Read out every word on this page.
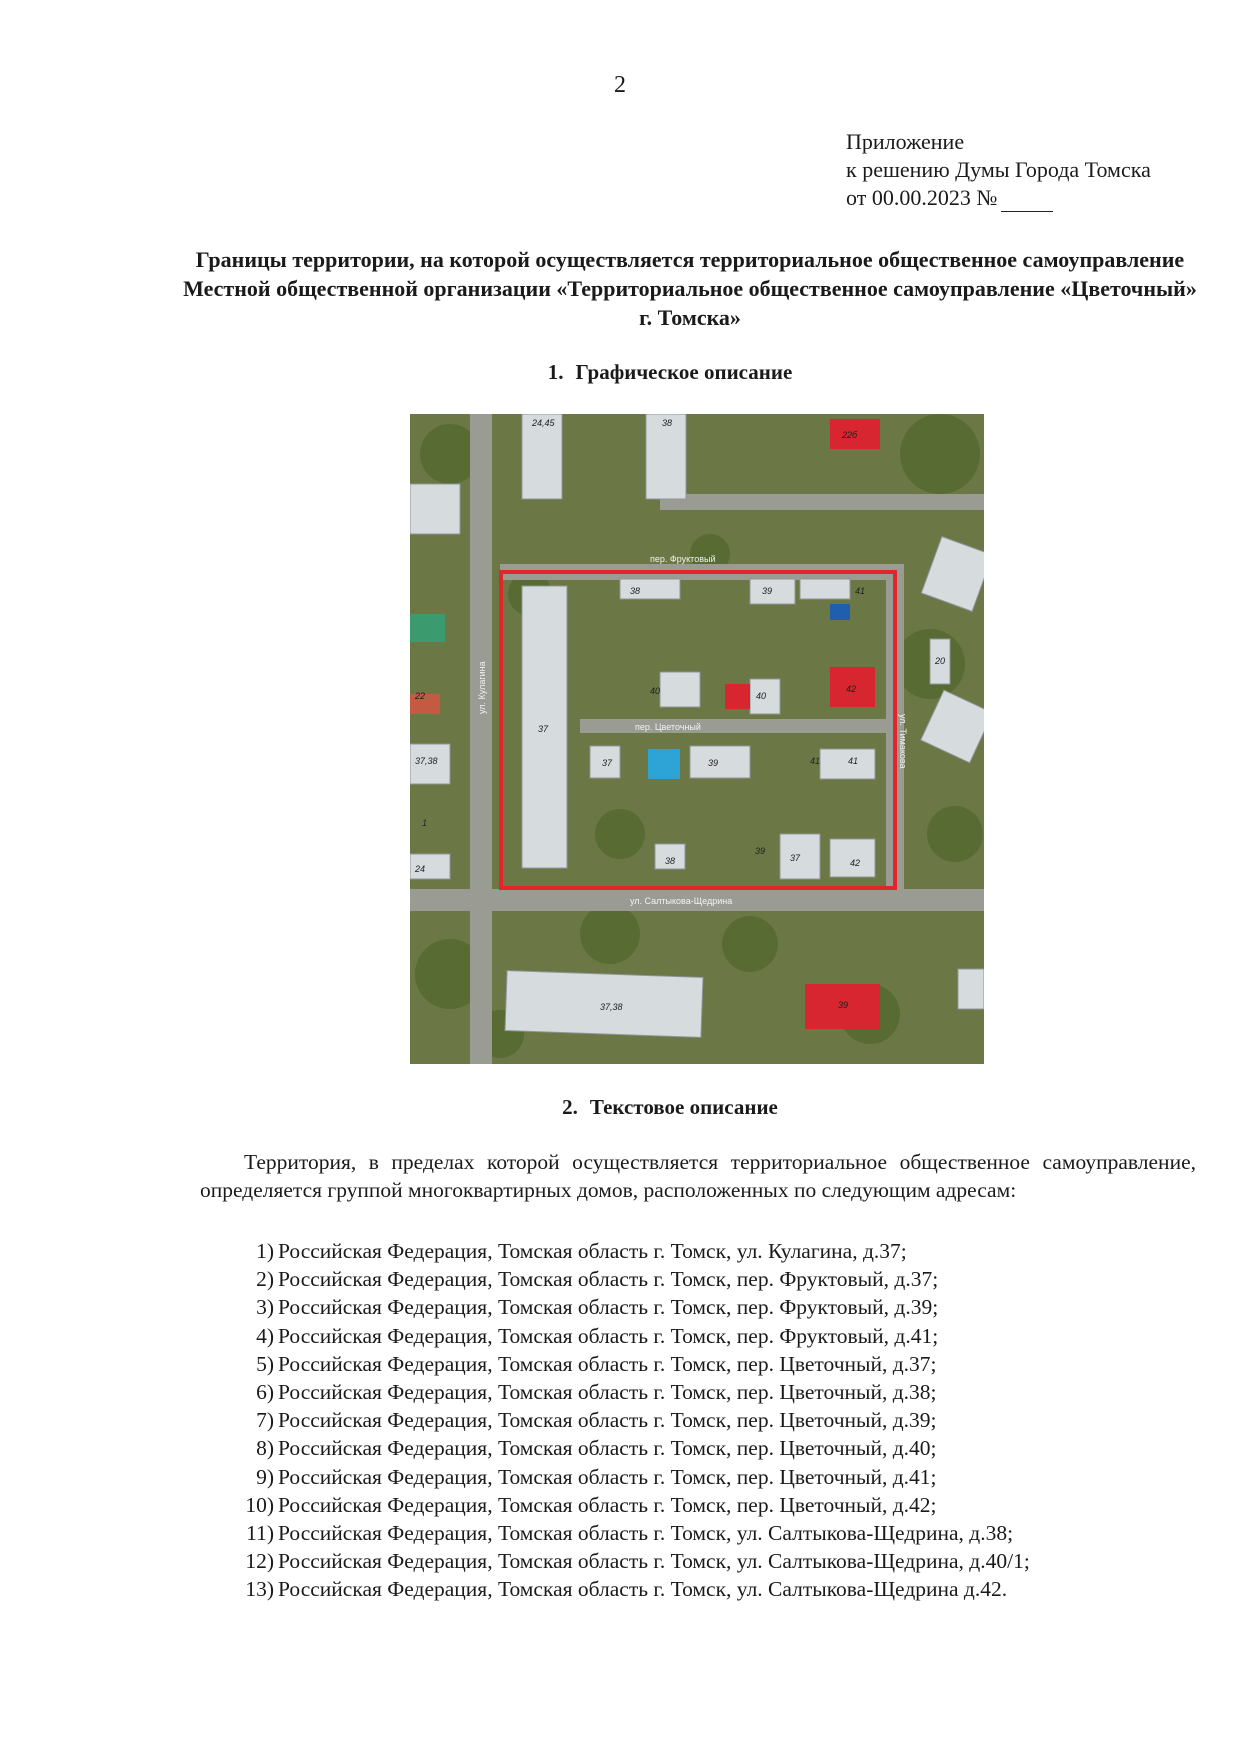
2
Приложение
к решению Думы Города Томска
от 00.00.2023 №
Границы территории, на которой осуществляется территориальное общественное самоуправление Местной общественной организации «Территориальное общественное самоуправление «Цветочный» г. Томска»
1. Графическое описание
пер. Фруктовый
ул. Кулагина
пер. Цветочный	ул. Тимакова
ул. Салтыкова-Щедрина
24,45	38
22б
37
39	41
37	39	41
40
42
38	37
39
41
38
40
42
20
22
24
37,38
37,38
39
1
2. Текстовое описание
Территория, в пределах которой осуществляется территориальное общественное самоуправление, определяется группой многоквартирных домов, расположенных по следующим адресам:
1) Российская Федерация, Томская область г. Томск, ул. Кулагина, д.37;
2) Российская Федерация, Томская область г. Томск, пер. Фруктовый, д.37;
3) Российская Федерация, Томская область г. Томск, пер. Фруктовый, д.39;
4) Российская Федерация, Томская область г. Томск, пер. Фруктовый, д.41;
5) Российская Федерация, Томская область г. Томск, пер. Цветочный, д.37;
6) Российская Федерация, Томская область г. Томск, пер. Цветочный, д.38;
7) Российская Федерация, Томская область г. Томск, пер. Цветочный, д.39;
8) Российская Федерация, Томская область г. Томск, пер. Цветочный, д.40;
9) Российская Федерация, Томская область г. Томск, пер. Цветочный, д.41;
10) Российская Федерация, Томская область г. Томск, пер. Цветочный, д.42;
11) Российская Федерация, Томская область г. Томск, ул. Салтыкова-Щедрина, д.38;
12) Российская Федерация, Томская область г. Томск, ул. Салтыкова-Щедрина, д.40/1;
13) Российская Федерация, Томская область г. Томск, ул. Салтыкова-Щедрина д.42.
